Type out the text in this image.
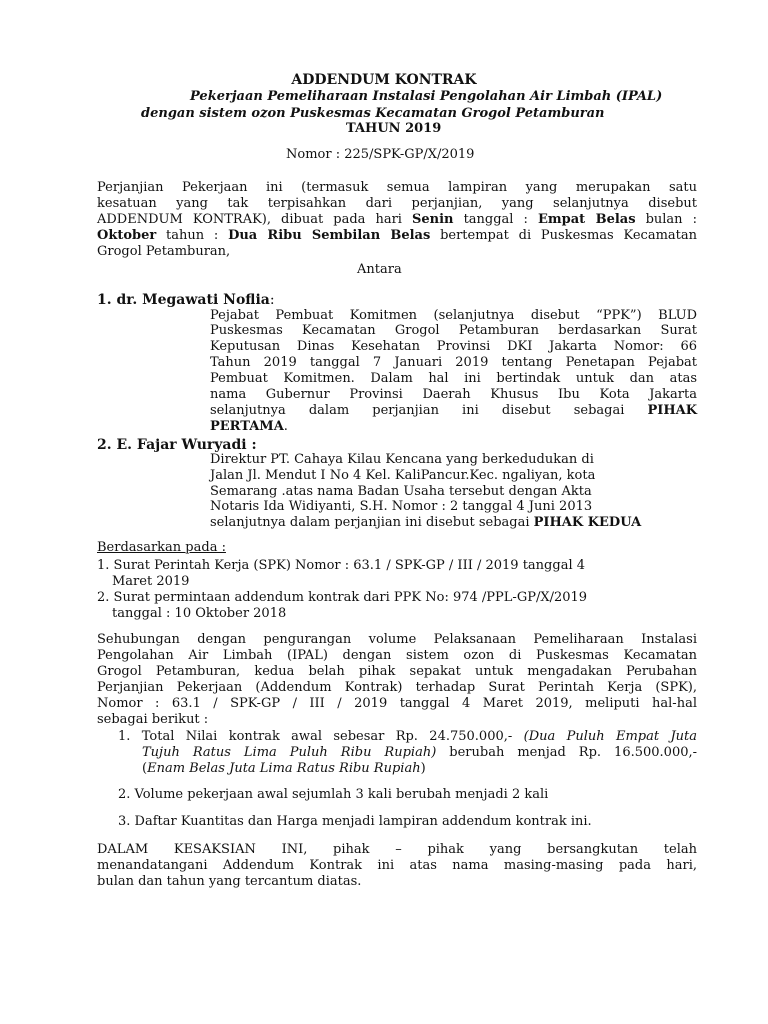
ADDENDUM KONTRAK
Pekerjaan Pemeliharaan Instalasi Pengolahan Air Limbah (IPAL)
dengan sistem ozon Puskesmas Kecamatan Grogol Petamburan
TAHUN 2019
Nomor : 225/SPK-GP/X/2019
Perjanjian Pekerjaan ini (termasuk semua lampiran yang merupakan satu
kesatuan yang tak terpisahkan dari perjanjian, yang selanjutnya disebut
ADDENDUM KONTRAK), dibuat pada hari Senin tanggal : Empat Belas bulan :
Oktober tahun : Dua Ribu Sembilan Belas bertempat di Puskesmas Kecamatan
Grogol Petamburan,
Antara
1. dr. Megawati Noflia:
Pejabat Pembuat Komitmen (selanjutnya disebut “PPK”) BLUD
Puskesmas Kecamatan Grogol Petamburan berdasarkan Surat
Keputusan Dinas Kesehatan Provinsi DKI Jakarta Nomor: 66
Tahun 2019 tanggal 7 Januari 2019 tentang Penetapan Pejabat
Pembuat Komitmen. Dalam hal ini bertindak untuk dan atas
nama Gubernur Provinsi Daerah Khusus Ibu Kota Jakarta
selanjutnya dalam perjanjian ini disebut sebagai PIHAK
PERTAMA.
2. E. Fajar Wuryadi :
Direktur PT. Cahaya Kilau Kencana yang berkedudukan di
Jalan Jl. Mendut I No 4 Kel. KaliPancur.Kec. ngaliyan, kota
Semarang .atas nama Badan Usaha tersebut dengan Akta
Notaris Ida Widiyanti, S.H. Nomor : 2 tanggal 4 Juni 2013
selanjutnya dalam perjanjian ini disebut sebagai PIHAK KEDUA
Berdasarkan pada :
1. Surat Perintah Kerja (SPK) Nomor : 63.1 / SPK-GP / III / 2019 tanggal 4
Maret 2019
2. Surat permintaan addendum kontrak dari PPK No: 974 /PPL-GP/X/2019
tanggal : 10 Oktober 2018
Sehubungan dengan pengurangan volume Pelaksanaan Pemeliharaan Instalasi
Pengolahan Air Limbah (IPAL) dengan sistem ozon di Puskesmas Kecamatan
Grogol Petamburan, kedua belah pihak sepakat untuk mengadakan Perubahan
Perjanjian Pekerjaan (Addendum Kontrak) terhadap Surat Perintah Kerja (SPK),
Nomor : 63.1 / SPK-GP / III / 2019 tanggal 4 Maret 2019, meliputi hal-hal
sebagai berikut :
1. Total Nilai kontrak awal sebesar Rp. 24.750.000,- (Dua Puluh Empat Juta
Tujuh Ratus Lima Puluh Ribu Rupiah) berubah menjad Rp. 16.500.000,-
(Enam Belas Juta Lima Ratus Ribu Rupiah)
2. Volume pekerjaan awal sejumlah 3 kali berubah menjadi 2 kali
3. Daftar Kuantitas dan Harga menjadi lampiran addendum kontrak ini.
DALAM KESAKSIAN INI, pihak – pihak yang bersangkutan telah
menandatangani Addendum Kontrak ini atas nama masing-masing pada hari,
bulan dan tahun yang tercantum diatas.
